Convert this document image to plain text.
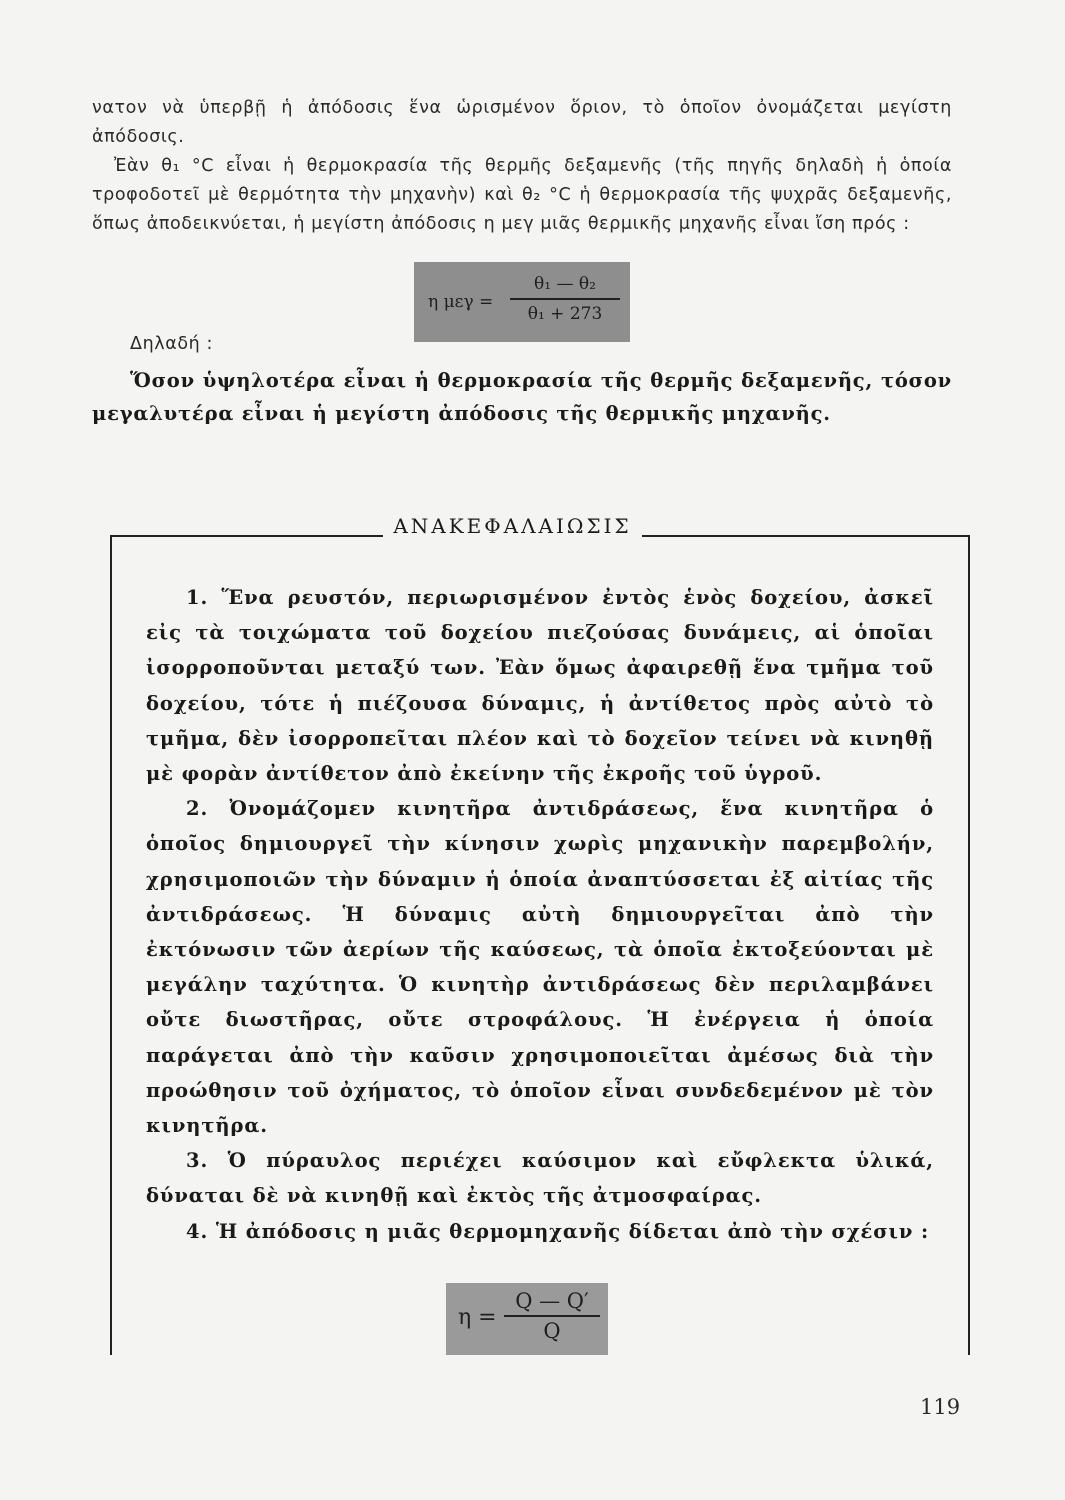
νατον νὰ ὑπερβῇ ἡ ἀπόδοσις ἕνα ὡρισμένον ὅριον, τὸ ὁποῖον ὀνομάζεται μεγίστη ἀπόδοσις.

Ἐὰν θ₁ °C εἶναι ἡ θερμοκρασία τῆς θερμῆς δεξαμενῆς (τῆς πηγῆς δηλαδὴ ἡ ὁποία τροφοδοτεῖ μὲ θερμότητα τὴν μηχανὴν) καὶ θ₂ °C ἡ θερμοκρασία τῆς ψυχρᾶς δεξαμενῆς, ὅπως ἀποδεικνύεται, ἡ μεγίστη ἀπόδοσις η μεγ μιᾶς θερμικῆς μηχανῆς εἶναι ἴση πρός :

η $\mu\varepsilon\gamma = \frac{\text{θ₁ — θ₂}}{\text{θ₁ + 273}}$
Δηλαδή :

Ὅσον ὑψηλοτέρα εἶναι ἡ θερμοκρασία τῆς θερμῆς δεξαμενῆς, τόσον μεγαλυτέρα εἶναι ἡ μεγίστη ἀπόδοσις τῆς θερμικῆς μηχανῆς.

ΑΝΑΚΕΦΑΛΑΙΩΣΙΣ

1. Ἕνα ρευστόν, περιωρισμένον ἐντὸς ἑνὸς δοχείου, ἀσκεῖ εἰς τὰ τοιχώματα τοῦ δοχείου πιεζούσας δυνάμεις, αἱ ὁποῖαι ἰσορροποῦνται μεταξύ των. Ἐὰν ὅμως ἀφαιρεθῇ ἕνα τμῆμα τοῦ δοχείου, τότε ἡ πιέζουσα δύναμις, ἡ ἀντίθετος πρὸς αὐτὸ τὸ τμῆμα, δὲν ἰσορροπεῖται πλέον καὶ τὸ δοχεῖον τείνει νὰ κινηθῇ μὲ φορὰν ἀντίθετον ἀπὸ ἐκείνην τῆς ἐκροῆς τοῦ ὑγροῦ.

2. Ὀνομάζομεν κινητῆρα ἀντιδράσεως, ἕνα κινητῆρα ὁ ὁποῖος δημιουργεῖ τὴν κίνησιν χωρὶς μηχανικὴν παρεμβολήν, χρησιμοποιῶν τὴν δύναμιν ἡ ὁποία ἀναπτύσσεται ἐξ αἰτίας τῆς ἀντιδράσεως. Ἡ δύναμις αὐτὴ δημιουργεῖται ἀπὸ τὴν ἐκτόνωσιν τῶν ἀερίων τῆς καύσεως, τὰ ὁποῖα ἐκτοξεύονται μὲ μεγάλην ταχύτητα. Ὁ κινητὴρ ἀντιδράσεως δὲν περιλαμβάνει οὔτε διωστῆρας, οὔτε στροφάλους. Ἡ ἐνέργεια ἡ ὁποία παράγεται ἀπὸ τὴν καῦσιν χρησιμοποιεῖται ἀμέσως διὰ τὴν προώθησιν τοῦ ὀχήματος, τὸ ὁποῖον εἶναι συνδεδεμένον μὲ τὸν κινητῆρα.

3. Ὁ πύραυλος περιέχει καύσιμον καὶ εὔφλεκτα ὑλικά, δύναται δὲ νὰ κινηθῇ καὶ ἐκτὸς τῆς ἀτμοσφαίρας.

4. Ἡ ἀπόδοσις η μιᾶς θερμομηχανῆς δίδεται ἀπὸ τὴν σχέσιν :

$\eta = \frac{Q — Q'}{Q}$
119
